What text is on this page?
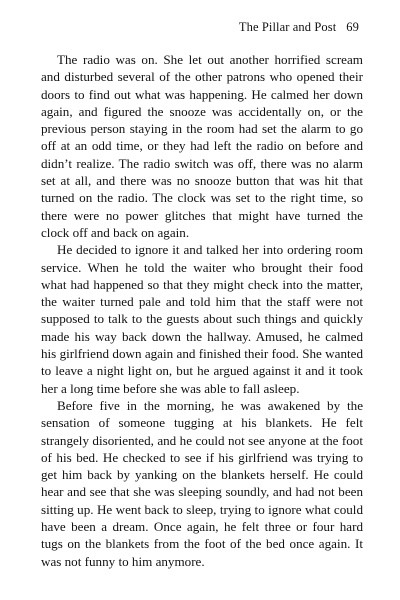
The Pillar and Post 69

The radio was on. She let out another horrified scream and disturbed several of the other patrons who opened their doors to find out what was happening. He calmed her down again, and figured the snooze was accidentally on, or the previous person staying in the room had set the alarm to go off at an odd time, or they had left the radio on before and didn’t realize. The radio switch was off, there was no alarm set at all, and there was no snooze button that was hit that turned on the radio. The clock was set to the right time, so there were no power glitches that might have turned the clock off and back on again.

He decided to ignore it and talked her into ordering room service. When he told the waiter who brought their food what had happened so that they might check into the matter, the waiter turned pale and told him that the staff were not supposed to talk to the guests about such things and quickly made his way back down the hallway. Amused, he calmed his girlfriend down again and finished their food. She wanted to leave a night light on, but he argued against it and it took her a long time before she was able to fall asleep.

Before five in the morning, he was awakened by the sensation of someone tugging at his blankets. He felt strangely disoriented, and he could not see anyone at the foot of his bed. He checked to see if his girlfriend was trying to get him back by yanking on the blankets herself. He could hear and see that she was sleeping soundly, and had not been sitting up. He went back to sleep, trying to ignore what could have been a dream. Once again, he felt three or four hard tugs on the blankets from the foot of the bed once again. It was not funny to him anymore.
